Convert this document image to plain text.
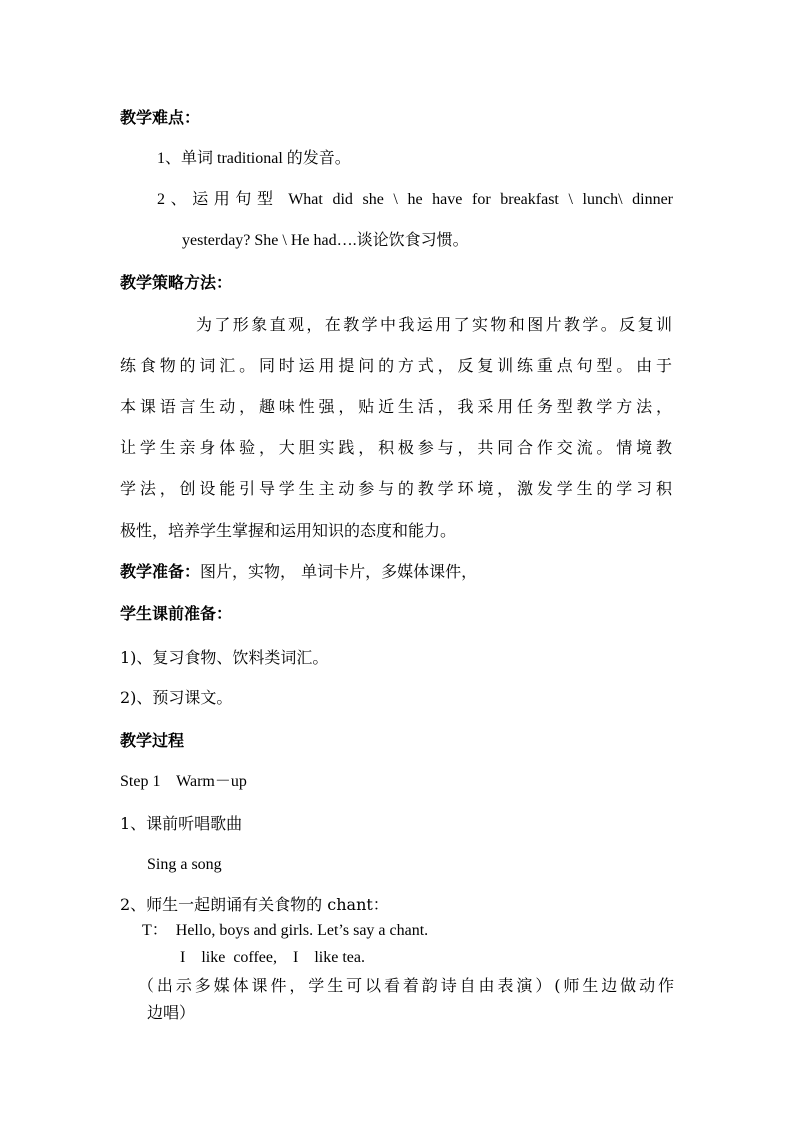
教学难点：
1、单词 traditional 的发音。
2、运用句型 What did she \ he have for breakfast \ lunch\ dinner
yesterday? She \ He had….谈论饮食习惯。
教学策略方法：
为了形象直观，在教学中我运用了实物和图片教学。反复训
练食物的词汇。同时运用提问的方式，反复训练重点句型。由于
本课语言生动，趣味性强，贴近生活，我采用任务型教学方法，
让学生亲身体验，大胆实践，积极参与，共同合作交流。情境教
学法，创设能引导学生主动参与的教学环境，激发学生的学习积
极性，培养学生掌握和运用知识的态度和能力。
教学准备：图片，实物， 单词卡片，多媒体课件，
学生课前准备：
1)、复习食物、饮料类词汇。
2)、预习课文。
教学过程
Step 1    Warm－up
1、课前听唱歌曲
Sing a song
2、师生一起朗诵有关食物的 chant：
T：  Hello, boys and girls. Let’s say a chant.
I    like  coffee,    I    like tea.
（出示多媒体课件，学生可以看着韵诗自由表演）(师生边做动作
边唱）
